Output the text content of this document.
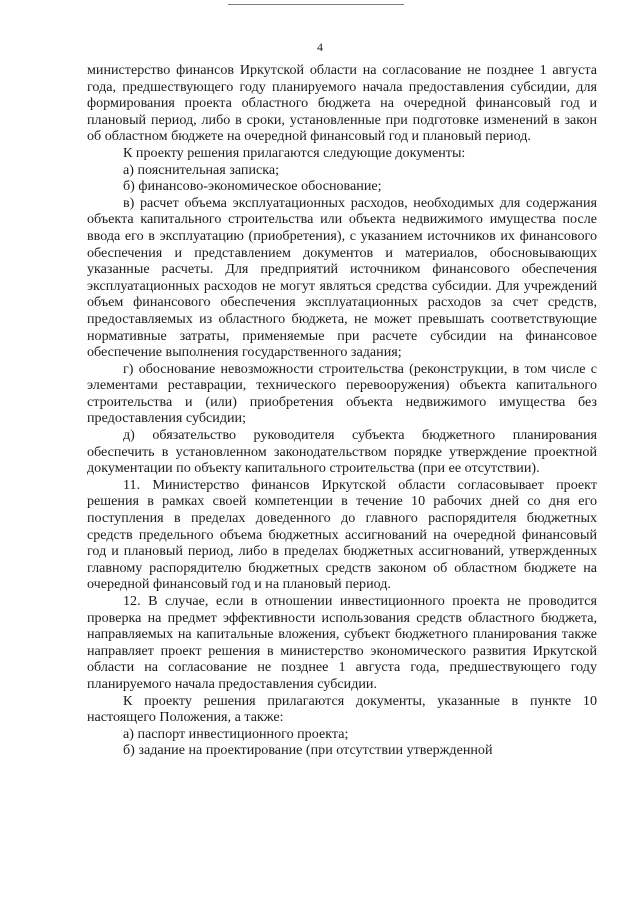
4

министерство финансов Иркутской области на согласование не позднее 1 августа года, предшествующего году планируемого начала предоставления субсидии, для формирования проекта областного бюджета на очередной финансовый год и плановый период, либо в сроки, установленные при подготовке изменений в закон об областном бюджете на очередной финансовый год и плановый период.

К проекту решения прилагаются следующие документы:

а) пояснительная записка;

б) финансово-экономическое обоснование;

в) расчет объема эксплуатационных расходов, необходимых для содержания объекта капитального строительства или объекта недвижимого имущества после ввода его в эксплуатацию (приобретения), с указанием источников их финансового обеспечения и представлением документов и материалов, обосновывающих указанные расчеты. Для предприятий источником финансового обеспечения эксплуатационных расходов не могут являться средства субсидии. Для учреждений объем финансового обеспечения эксплуатационных расходов за счет средств, предоставляемых из областного бюджета, не может превышать соответствующие нормативные затраты, применяемые при расчете субсидии на финансовое обеспечение выполнения государственного задания;

г) обоснование невозможности строительства (реконструкции, в том числе с элементами реставрации, технического перевооружения) объекта капитального строительства и (или) приобретения объекта недвижимого имущества без предоставления субсидии;

д) обязательство руководителя субъекта бюджетного планирования обеспечить в установленном законодательством порядке утверждение проектной документации по объекту капитального строительства (при ее отсутствии).

11. Министерство финансов Иркутской области согласовывает проект решения в рамках своей компетенции в течение 10 рабочих дней со дня его поступления в пределах доведенного до главного распорядителя бюджетных средств предельного объема бюджетных ассигнований на очередной финансовый год и плановый период, либо в пределах бюджетных ассигнований, утвержденных главному распорядителю бюджетных средств законом об областном бюджете на очередной финансовый год и на плановый период.

12. В случае, если в отношении инвестиционного проекта не проводится проверка на предмет эффективности использования средств областного бюджета, направляемых на капитальные вложения, субъект бюджетного планирования также направляет проект решения в министерство экономического развития Иркутской области на согласование не позднее 1 августа года, предшествующего году планируемого начала предоставления субсидии.

К проекту решения прилагаются документы, указанные в пункте 10 настоящего Положения, а также:

а) паспорт инвестиционного проекта;

б) задание на проектирование (при отсутствии утвержденной
